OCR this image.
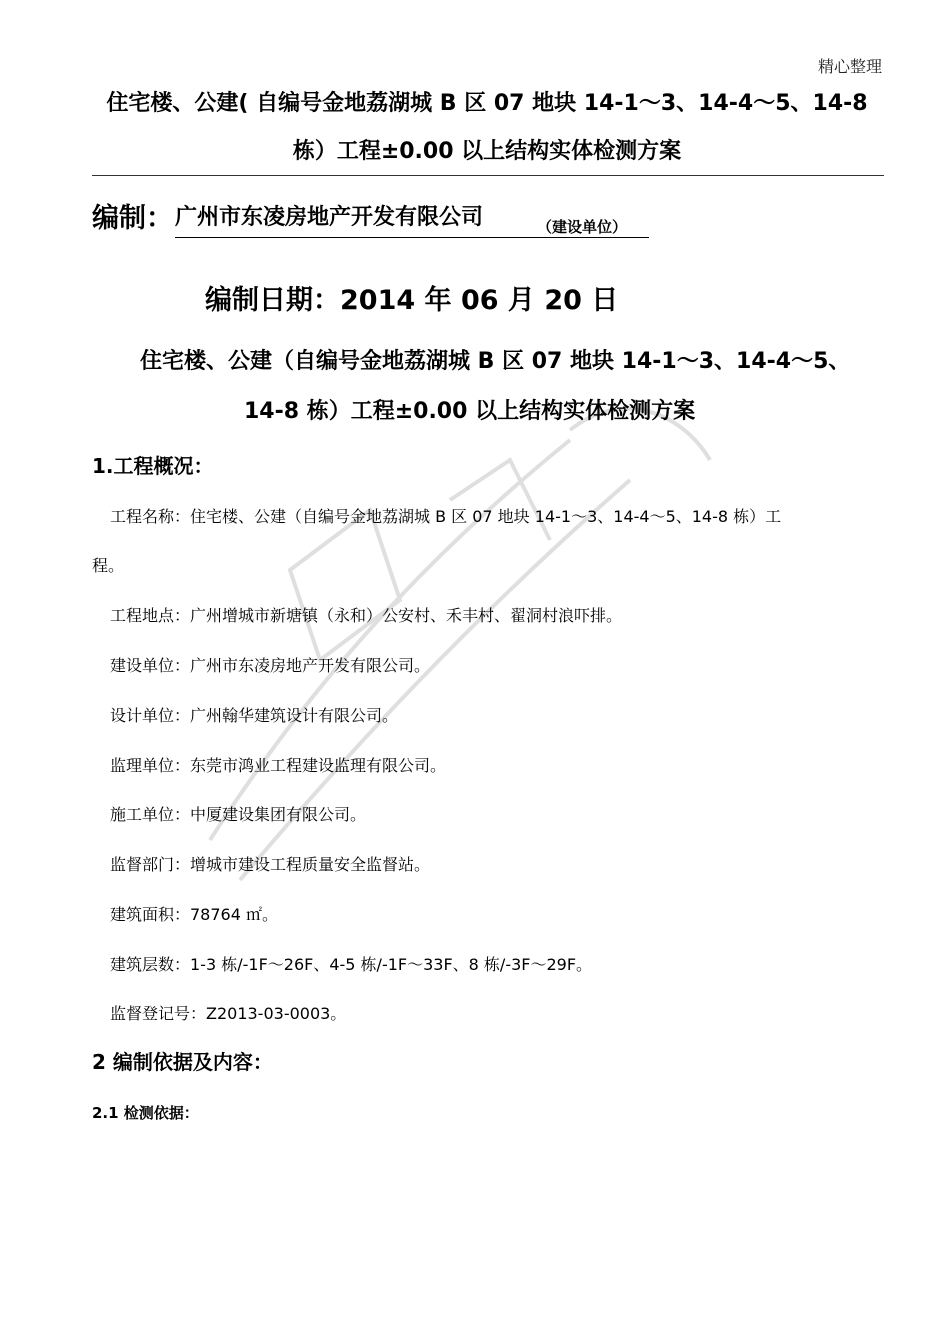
精心整理
住宅楼、公建( 自编号金地荔湖城 B 区 07 地块 14-1～3、14-4～5、14-8
栋）工程±0.00 以上结构实体检测方案
编制： 广州市东凌房地产开发有限公司	（建设单位）
编制日期：2014 年 06 月 20 日
住宅楼、公建（自编号金地荔湖城 B 区 07 地块 14-1～3、14-4～5、
14-8 栋）工程±0.00 以上结构实体检测方案
1.工程概况：
工程名称：住宅楼、公建（自编号金地荔湖城 B 区 07 地块 14-1～3、14-4～5、14-8 栋）工
程。
工程地点：广州增城市新塘镇（永和）公安村、禾丰村、翟洞村浪吓排。
建设单位：广州市东凌房地产开发有限公司。
设计单位：广州翰华建筑设计有限公司。
监理单位：东莞市鸿业工程建设监理有限公司。
施工单位：中厦建设集团有限公司。
监督部门：增城市建设工程质量安全监督站。
建筑面积：78764 ㎡。
建筑层数：1-3 栋/-1F～26F、4-5 栋/-1F～33F、8 栋/-3F～29F。
监督登记号：Z2013-03-0003。
2 编制依据及内容：
2.1 检测依据：
